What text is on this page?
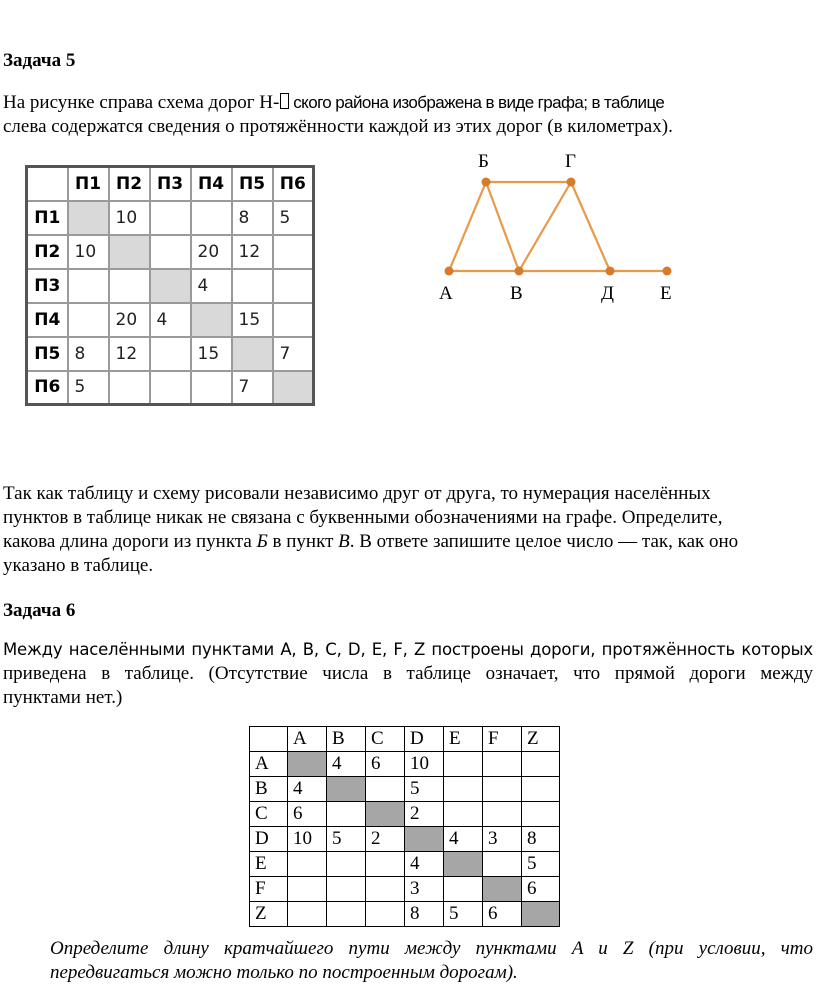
Задача 5
На рисунке справа схема дорог Н- ского района изображена в виде графа; в таблице
слева содержатся сведения о протяжённости каждой из этих дорог (в километрах).
	П1	П2	П3	П4	П5	П6
П1		10			8	5
П2	10			20	12	
П3				4		
П4		20	4		15	
П5	8	12		15		7
П6	5				7	
Б	Г
А	В	Д Е
Так как таблицу и схему рисовали независимо друг от друга, то нумерация населённых
пунктов в таблице никак не связана с буквенными обозначениями на графе. Определите,
какова длина дороги из пункта Б в пункт В. В ответе запишите целое число — так, как оно
указано в таблице.
Задача 6
Между населёнными пунктами A, B, C, D, E, F, Z построены дороги, протяжённость которых
приведена в таблице. (Отсутствие числа в таблице означает, что прямой дороги между
пунктами нет.)
	A	B	C	D	E	F	Z
A		4	6	10			
B	4			5			
C	6			2			
D	10	5	2		4	3	8
E				4			5
F				3			6
Z				8	5	6	
Определите длину кратчайшего пути между пунктами A и Z (при условии, что
передвигаться можно только по построенным дорогам).
